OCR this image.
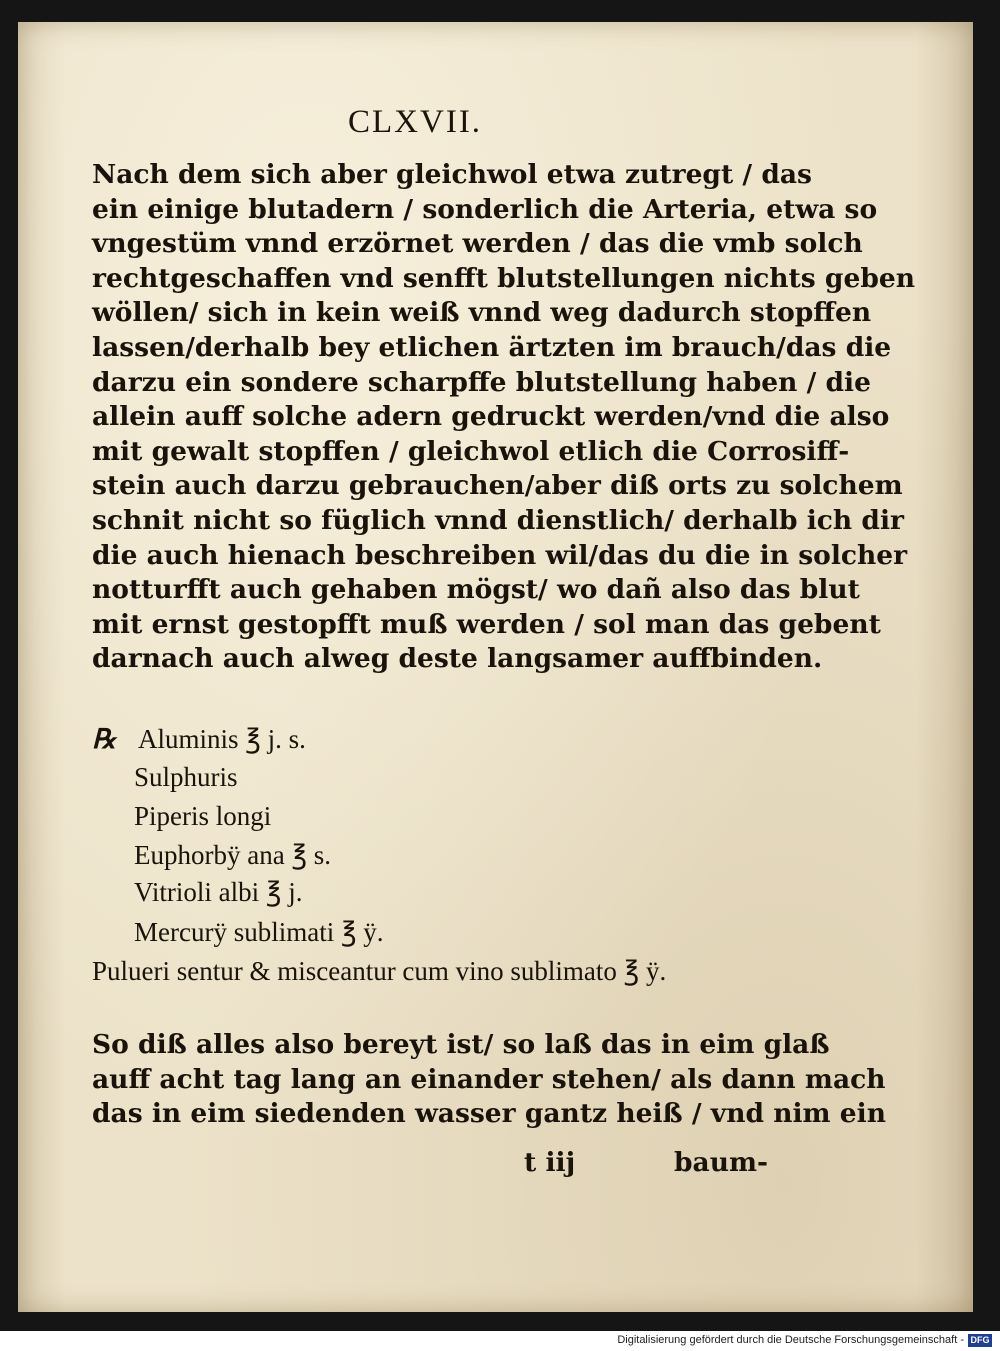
CLXVII.
Nach dem sich aber gleichwol etwa zutregt / das
ein einige blutadern / sonderlich die Arteria, etwa so
vngestüm vnnd erzörnet werden / das die vmb solch
rechtgeschaffen vnd senfft blutstellungen nichts geben
wöllen/ sich in kein weiß vnnd weg dadurch stopffen
lassen/derhalb bey etlichen ärtzten im brauch/das die
darzu ein sondere scharpffe blutstellung haben / die
allein auff solche adern gedruckt werden/vnd die also
mit gewalt stopffen / gleichwol etlich die Corrosiff-
stein auch darzu gebrauchen/aber diß orts zu solchem
schnit nicht so füglich vnnd dienstlich/ derhalb ich dir
die auch hienach beschreiben wil/das du die in solcher
notturfft auch gehaben mögst/ wo dañ also das blut
mit ernst gestopfft muß werden / sol man das gebent
darnach auch alweg deste langsamer auffbinden.
℞ Aluminis ℥ j. s.
Sulphuris
Piperis longi
Euphorbÿ ana ℥ s.
Vitrioli albi ℥ j.
Mercurÿ sublimati ℥ ÿ.
Pulueri sentur & misceantur cum vino sublimato ℥ ÿ.
So diß alles also bereyt ist/ so laß das in eim glaß
auff acht tag lang an einander stehen/ als dann mach
das in eim siedenden wasser gantz heiß / vnd nim ein
t iij	baum-
Digitalisierung gefördert durch die Deutsche Forschungsgemeinschaft - DFG
